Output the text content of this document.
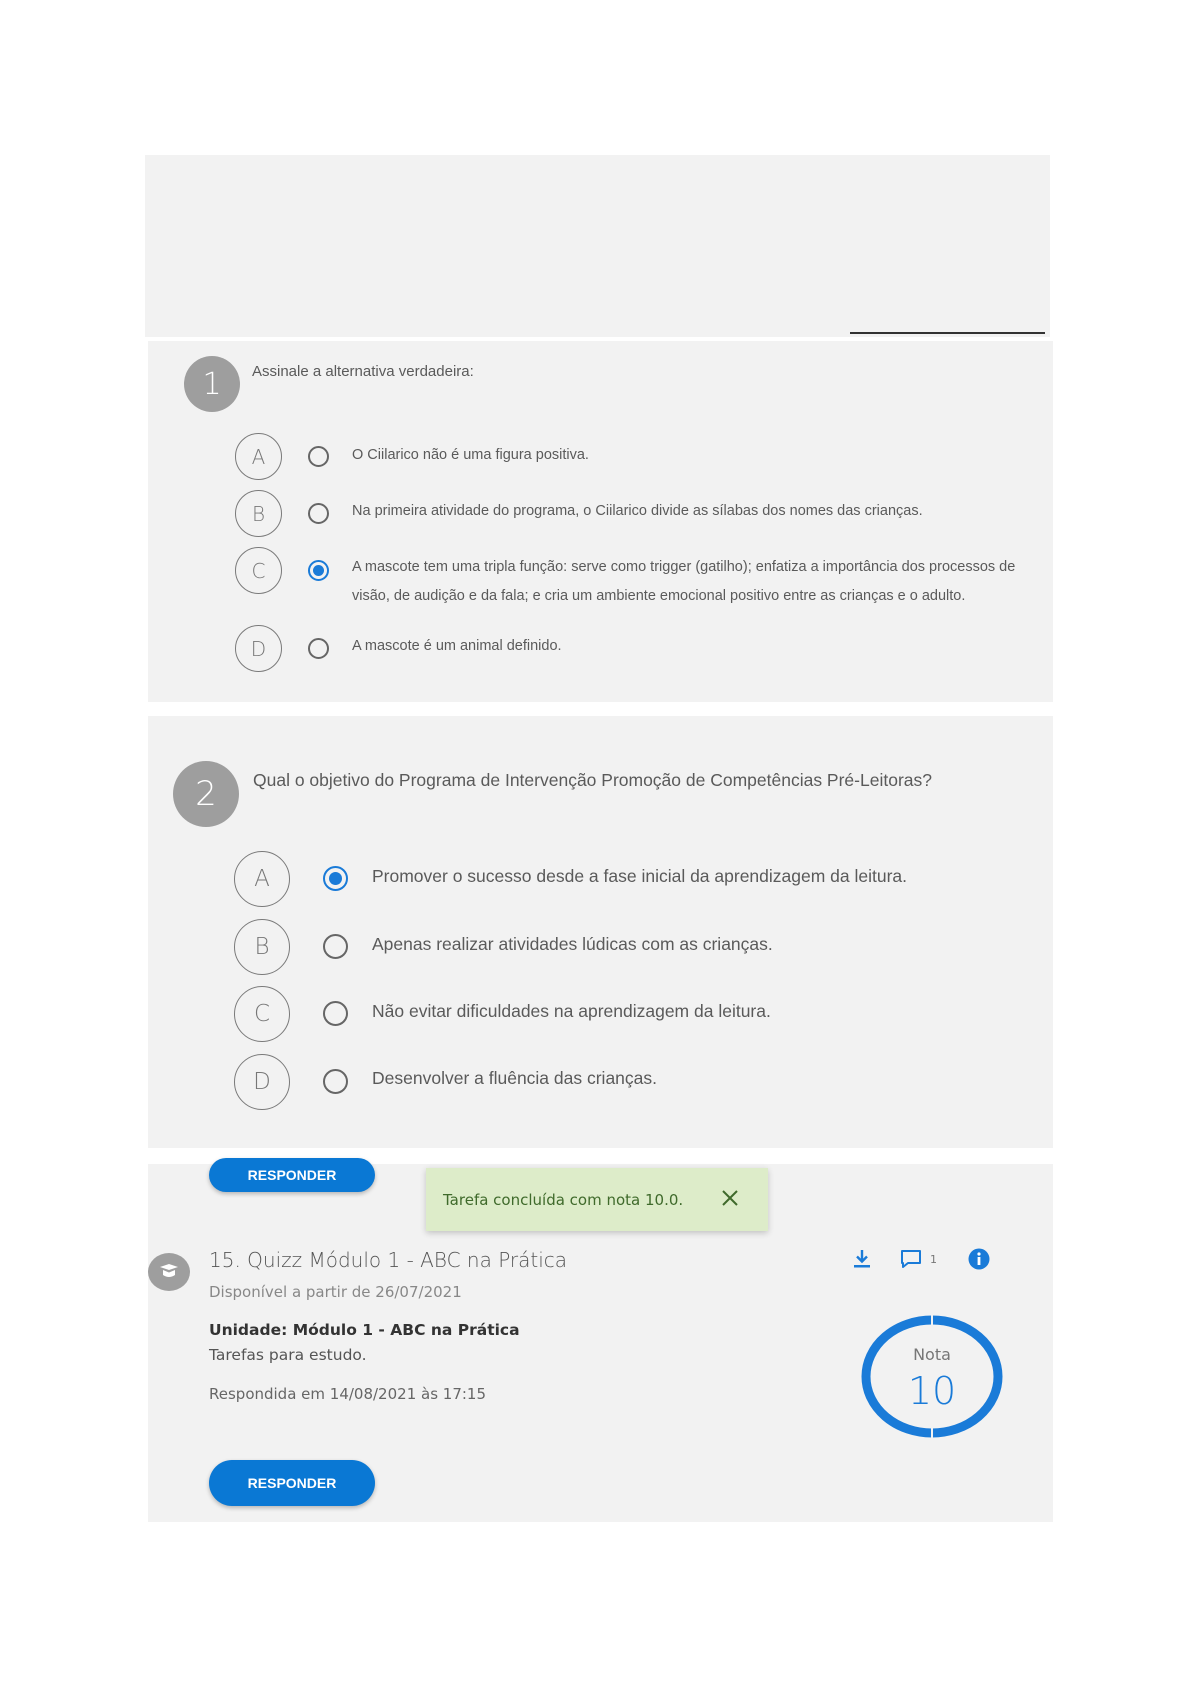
1	Assinale a alternativa verdadeira:
A	O Ciilarico não é uma figura positiva.
B	Na primeira atividade do programa, o Ciilarico divide as sílabas dos nomes das crianças.
C	A mascote tem uma tripla função: serve como trigger (gatilho); enfatiza a importância dos processos de visão, de audição e da fala; e cria um ambiente emocional positivo entre as crianças e o adulto.
D	A mascote é um animal definido.
2	Qual o objetivo do Programa de Intervenção Promoção de Competências Pré-Leitoras?
A	Promover o sucesso desde a fase inicial da aprendizagem da leitura.
B	Apenas realizar atividades lúdicas com as crianças.
C	Não evitar dificuldades na aprendizagem da leitura.
D	Desenvolver a fluência das crianças.
RESPONDER
Tarefa concluída com nota 10.0.
15. Quizz Módulo 1 - ABC na Prática
Disponível a partir de 26/07/2021
Unidade: Módulo 1 - ABC na Prática
Tarefas para estudo.
Respondida em 14/08/2021 às 17:15
1
Nota
10
RESPONDER
